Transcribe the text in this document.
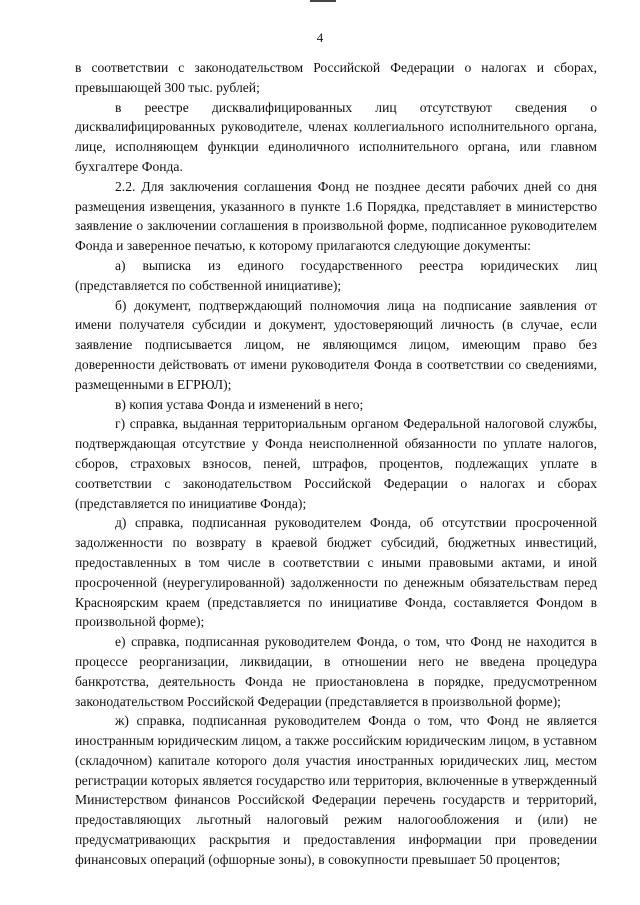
4

в соответствии с законодательством Российской Федерации о налогах и сборах, превышающей 300 тыс. рублей;

в реестре дисквалифицированных лиц отсутствуют сведения о дисквалифицированных руководителе, членах коллегиального исполнительного органа, лице, исполняющем функции единоличного исполнительного органа, или главном бухгалтере Фонда.

2.2. Для заключения соглашения Фонд не позднее десяти рабочих дней со дня размещения извещения, указанного в пункте 1.6 Порядка, представляет в министерство заявление о заключении соглашения в произвольной форме, подписанное руководителем Фонда и заверенное печатью, к которому прилагаются следующие документы:

а) выписка из единого государственного реестра юридических лиц (представляется по собственной инициативе);

б) документ, подтверждающий полномочия лица на подписание заявления от имени получателя субсидии и документ, удостоверяющий личность (в случае, если заявление подписывается лицом, не являющимся лицом, имеющим право без доверенности действовать от имени руководителя Фонда в соответствии со сведениями, размещенными в ЕГРЮЛ);

в) копия устава Фонда и изменений в него;

г) справка, выданная территориальным органом Федеральной налоговой службы, подтверждающая отсутствие у Фонда неисполненной обязанности по уплате налогов, сборов, страховых взносов, пеней, штрафов, процентов, подлежащих уплате в соответствии с законодательством Российской Федерации о налогах и сборах (представляется по инициативе Фонда);

д) справка, подписанная руководителем Фонда, об отсутствии просроченной задолженности по возврату в краевой бюджет субсидий, бюджетных инвестиций, предоставленных в том числе в соответствии с иными правовыми актами, и иной просроченной (неурегулированной) задолженности по денежным обязательствам перед Красноярским краем (представляется по инициативе Фонда, составляется Фондом в произвольной форме);

е) справка, подписанная руководителем Фонда, о том, что Фонд не находится в процессе реорганизации, ликвидации, в отношении него не введена процедура банкротства, деятельность Фонда не приостановлена в порядке, предусмотренном законодательством Российской Федерации (представляется в произвольной форме);

ж) справка, подписанная руководителем Фонда о том, что Фонд не является иностранным юридическим лицом, а также российским юридическим лицом, в уставном (складочном) капитале которого доля участия иностранных юридических лиц, местом регистрации которых является государство или территория, включенные в утвержденный Министерством финансов Российской Федерации перечень государств и территорий, предоставляющих льготный налоговый режим налогообложения и (или) не предусматривающих раскрытия и предоставления информации при проведении финансовых операций (офшорные зоны), в совокупности превышает 50 процентов;
